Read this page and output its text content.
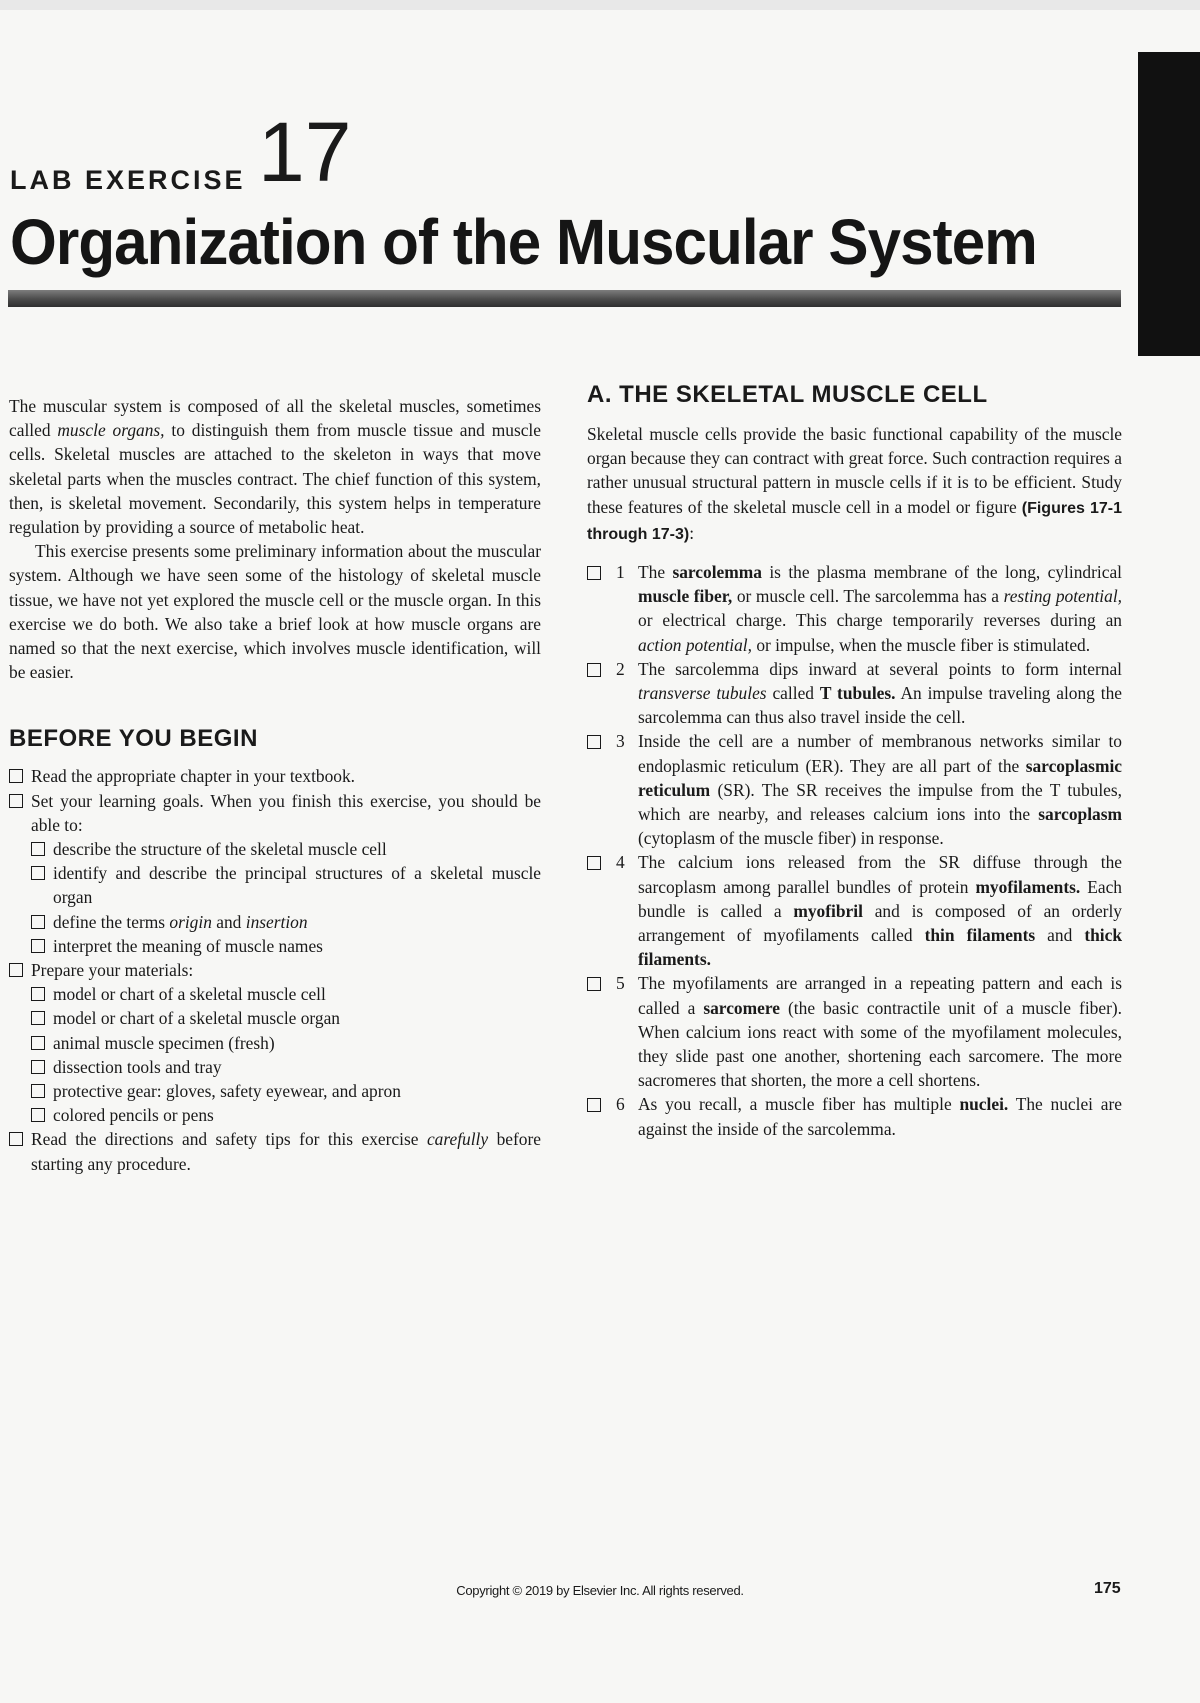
LAB EXERCISE 17
Organization of the Muscular System

The muscular system is composed of all the skeletal muscles, sometimes called muscle organs, to distinguish them from muscle tissue and muscle cells. Skeletal muscles are attached to the skeleton in ways that move skeletal parts when the muscles contract. The chief function of this system, then, is skeletal movement. Secondarily, this system helps in temperature regulation by providing a source of metabolic heat.

This exercise presents some preliminary information about the muscular system. Although we have seen some of the histology of skeletal muscle tissue, we have not yet explored the muscle cell or the muscle organ. In this exercise we do both. We also take a brief look at how muscle organs are named so that the next exercise, which involves muscle identification, will be easier.

BEFORE YOU BEGIN
Read the appropriate chapter in your textbook.
Set your learning goals. When you finish this exercise, you should be able to:
describe the structure of the skeletal muscle cell
identify and describe the principal structures of a skeletal muscle organ
define the terms origin and insertion
interpret the meaning of muscle names
Prepare your materials:
model or chart of a skeletal muscle cell
model or chart of a skeletal muscle organ
animal muscle specimen (fresh)
dissection tools and tray
protective gear: gloves, safety eyewear, and apron
colored pencils or pens
Read the directions and safety tips for this exercise carefully before starting any procedure.
A. THE SKELETAL MUSCLE CELL

Skeletal muscle cells provide the basic functional capability of the muscle organ because they can contract with great force. Such contraction requires a rather unusual structural pattern in muscle cells if it is to be efficient. Study these features of the skeletal muscle cell in a model or figure (Figures 17-1 through 17-3):

1 The sarcolemma is the plasma membrane of the long, cylindrical muscle fiber, or muscle cell. The sarcolemma has a resting potential, or electrical charge. This charge temporarily reverses during an action potential, or impulse, when the muscle fiber is stimulated.
2 The sarcolemma dips inward at several points to form internal transverse tubules called T tubules. An impulse traveling along the sarcolemma can thus also travel inside the cell.
3 Inside the cell are a number of membranous networks similar to endoplasmic reticulum (ER). They are all part of the sarcoplasmic reticulum (SR). The SR receives the impulse from the T tubules, which are nearby, and releases calcium ions into the sarcoplasm (cytoplasm of the muscle fiber) in response.
4 The calcium ions released from the SR diffuse through the sarcoplasm among parallel bundles of protein myofilaments. Each bundle is called a myofibril and is composed of an orderly arrangement of myofilaments called thin filaments and thick filaments.
5 The myofilaments are arranged in a repeating pattern and each is called a sarcomere (the basic contractile unit of a muscle fiber). When calcium ions react with some of the myofilament molecules, they slide past one another, shortening each sarcomere. The more sacromeres that shorten, the more a cell shortens.
6 As you recall, a muscle fiber has multiple nuclei. The nuclei are against the inside of the sarcolemma.
Copyright © 2019 by Elsevier Inc. All rights reserved.	175
